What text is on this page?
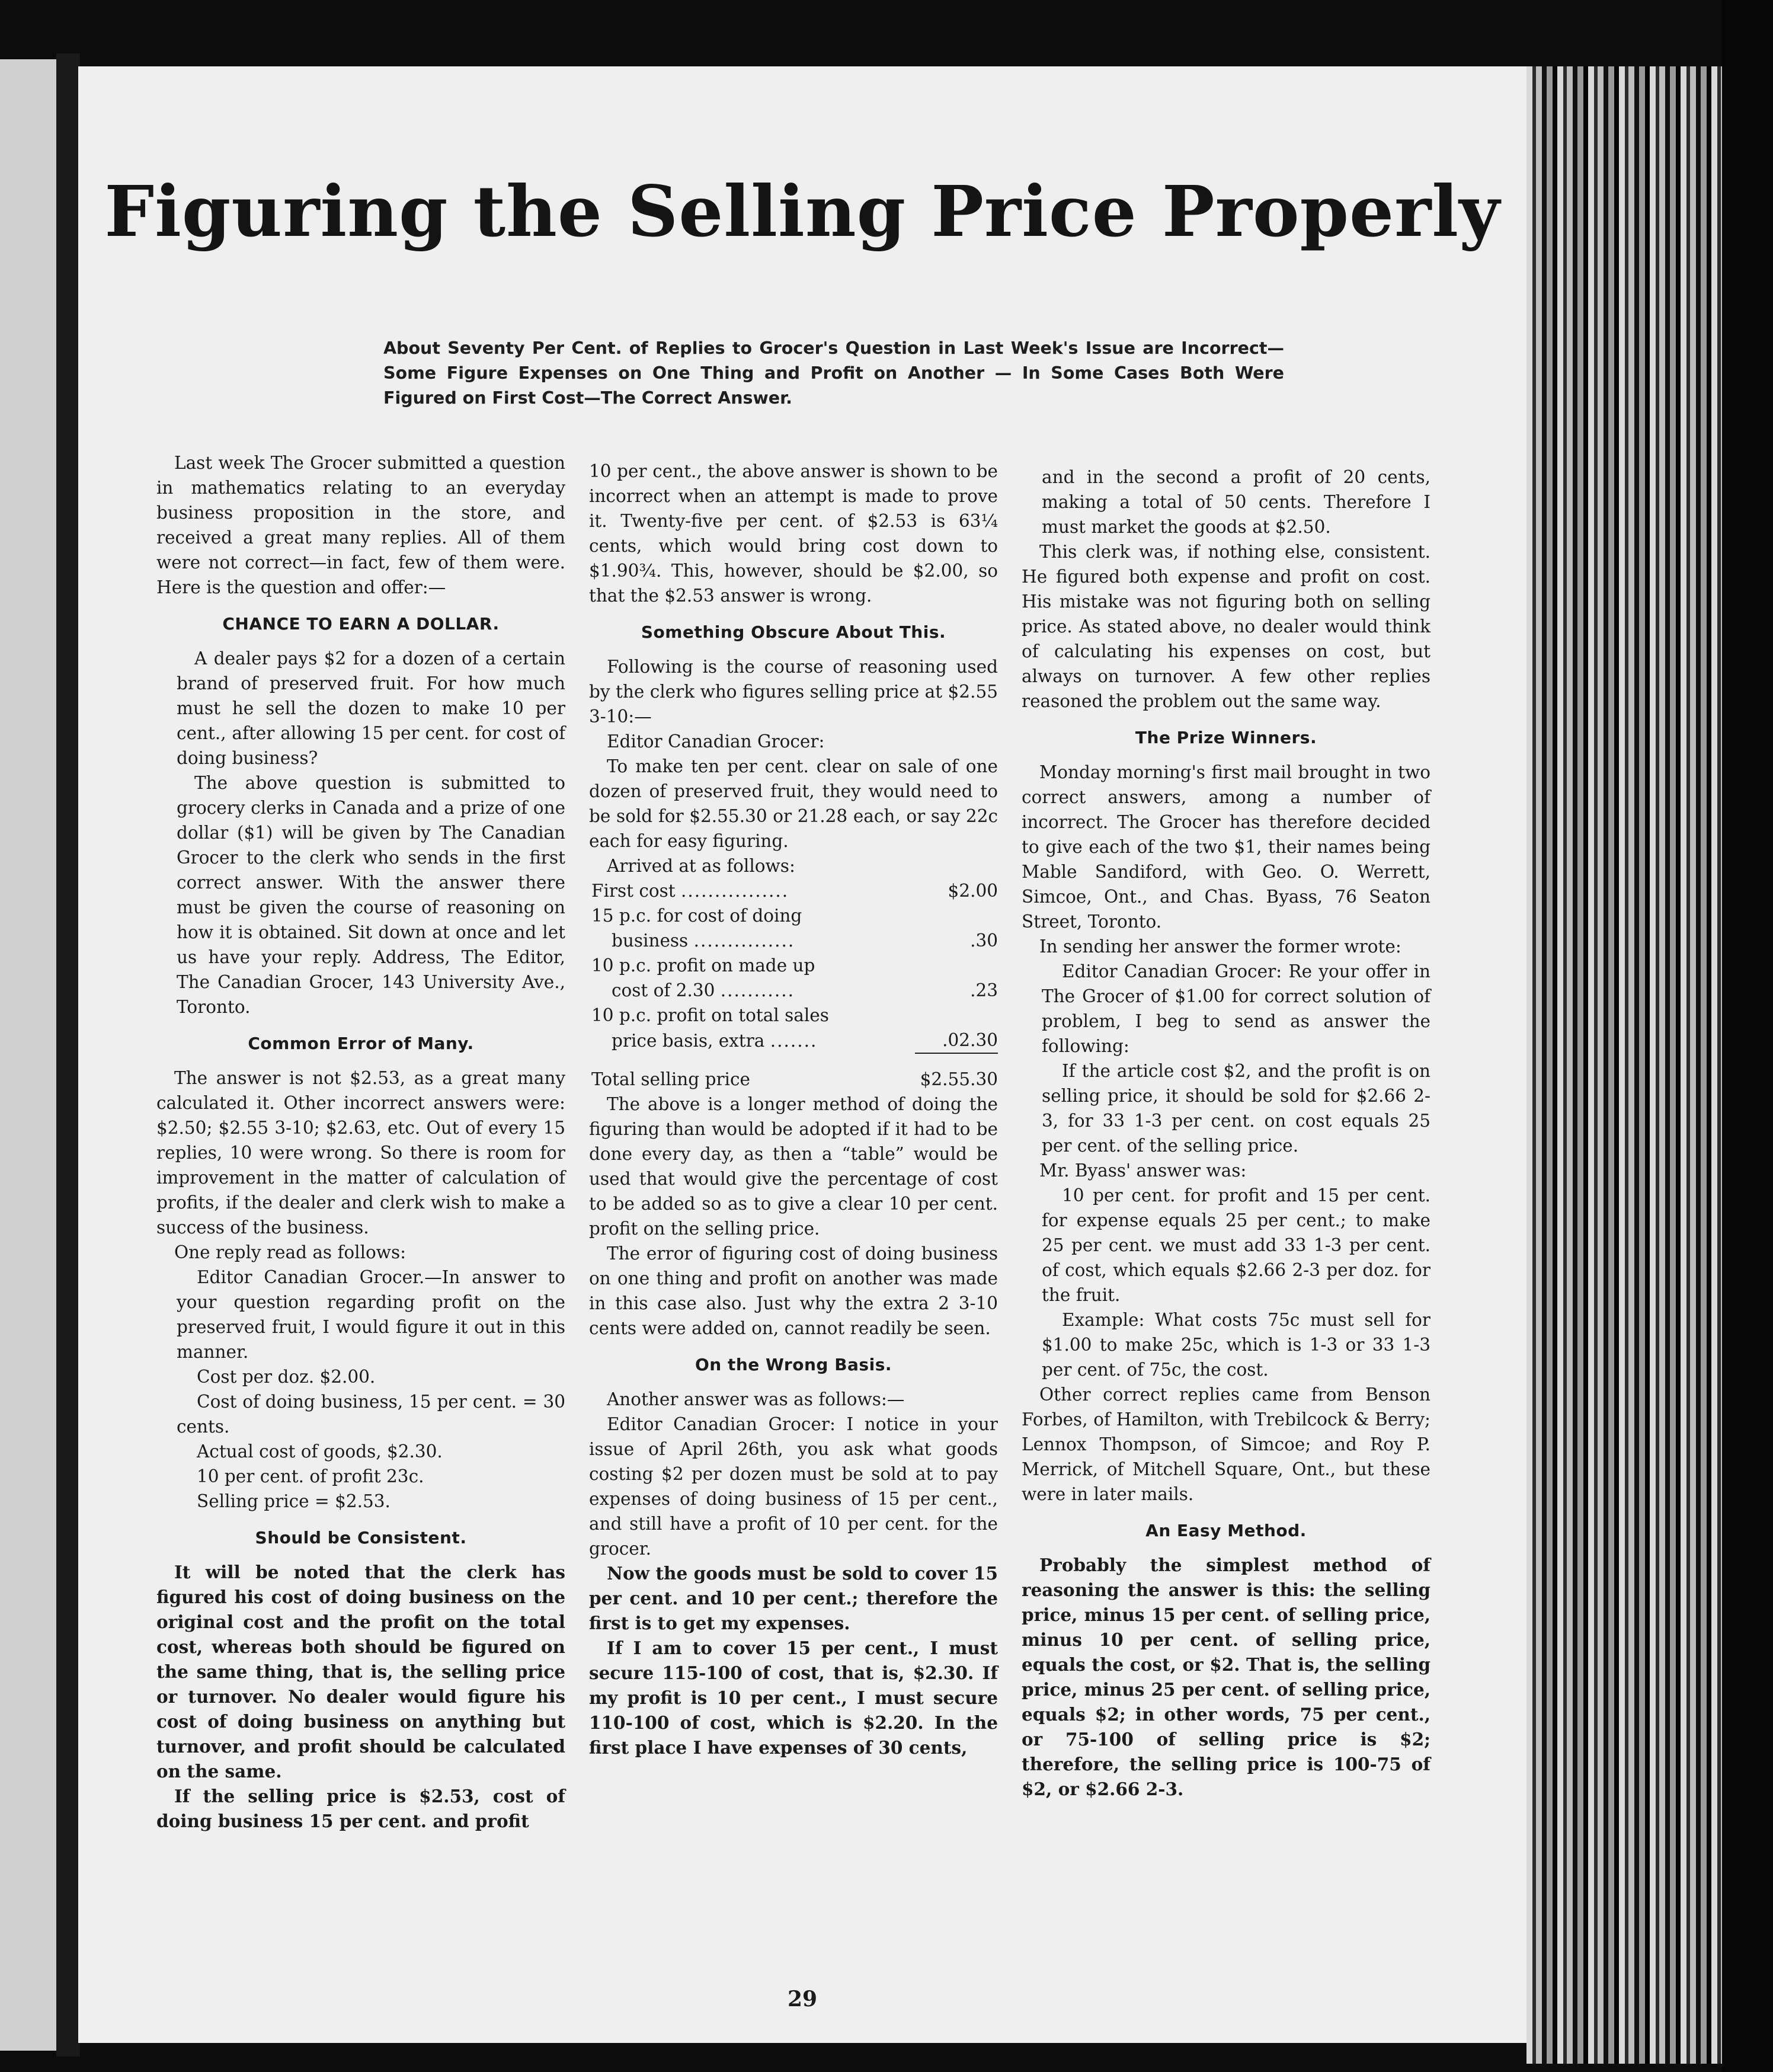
Figuring the Selling Price Properly
About Seventy Per Cent. of Replies to Grocer's Question in Last Week's Issue are Incorrect—Some Figure Expenses on One Thing and Profit on Another — In Some Cases Both Were Figured on First Cost—The Correct Answer.

Last week The Grocer submitted a question in mathematics relating to an everyday business proposition in the store, and received a great many replies. All of them were not correct—in fact, few of them were. Here is the question and offer:—

CHANCE TO EARN A DOLLAR.

A dealer pays $2 for a dozen of a certain brand of preserved fruit. For how much must he sell the dozen to make 10 per cent., after allowing 15 per cent. for cost of doing business?

The above question is submitted to grocery clerks in Canada and a prize of one dollar ($1) will be given by The Canadian Grocer to the clerk who sends in the first correct answer. With the answer there must be given the course of reasoning on how it is obtained. Sit down at once and let us have your reply. Address, The Editor, The Canadian Grocer, 143 University Ave., Toronto.

Common Error of Many.

The answer is not $2.53, as a great many calculated it. Other incorrect answers were: $2.50; $2.55 3-10; $2.63, etc. Out of every 15 replies, 10 were wrong. So there is room for improvement in the matter of calculation of profits, if the dealer and clerk wish to make a success of the business.

One reply read as follows:

Editor Canadian Grocer.—In answer to your question regarding profit on the preserved fruit, I would figure it out in this manner.

Cost per doz. $2.00.

Cost of doing business, 15 per cent. = 30 cents.

Actual cost of goods, $2.30.

10 per cent. of profit 23c.

Selling price = $2.53.

Should be Consistent.

It will be noted that the clerk has figured his cost of doing business on the original cost and the profit on the total cost, whereas both should be figured on the same thing, that is, the selling price or turnover. No dealer would figure his cost of doing business on anything but turnover, and profit should be calculated on the same.

If the selling price is $2.53, cost of doing business 15 per cent. and profit

10 per cent., the above answer is shown to be incorrect when an attempt is made to prove it. Twenty-five per cent. of $2.53 is 63¼ cents, which would bring cost down to $1.90¾. This, however, should be $2.00, so that the $2.53 answer is wrong.

Something Obscure About This.

Following is the course of reasoning used by the clerk who figures selling price at $2.55 3-10:—

Editor Canadian Grocer:

To make ten per cent. clear on sale of one dozen of preserved fruit, they would need to be sold for $2.55.30 or 21.28 each, or say 22c each for easy figuring.

Arrived at as follows:

First cost ................	$2.00
15 p.c. for cost of doing	
business ...............	.30
10 p.c. profit on made up	
cost of 2.30 ...........	.23
10 p.c. profit on total sales	
price basis, extra .......	.02.30
Total selling price	$2.55.30

The above is a longer method of doing the figuring than would be adopted if it had to be done every day, as then a “table” would be used that would give the percentage of cost to be added so as to give a clear 10 per cent. profit on the selling price.

The error of figuring cost of doing business on one thing and profit on another was made in this case also. Just why the extra 2 3-10 cents were added on, cannot readily be seen.

On the Wrong Basis.

Another answer was as follows:—

Editor Canadian Grocer: I notice in your issue of April 26th, you ask what goods costing $2 per dozen must be sold at to pay expenses of doing business of 15 per cent., and still have a profit of 10 per cent. for the grocer.

Now the goods must be sold to cover 15 per cent. and 10 per cent.; therefore the first is to get my expenses.

If I am to cover 15 per cent., I must secure 115-100 of cost, that is, $2.30. If my profit is 10 per cent., I must secure 110-100 of cost, which is $2.20. In the first place I have expenses of 30 cents,

and in the second a profit of 20 cents, making a total of 50 cents. Therefore I must market the goods at $2.50.

This clerk was, if nothing else, consistent. He figured both expense and profit on cost. His mistake was not figuring both on selling price. As stated above, no dealer would think of calculating his expenses on cost, but always on turnover. A few other replies reasoned the problem out the same way.

The Prize Winners.

Monday morning's first mail brought in two correct answers, among a number of incorrect. The Grocer has therefore decided to give each of the two $1, their names being Mable Sandiford, with Geo. O. Werrett, Simcoe, Ont., and Chas. Byass, 76 Seaton Street, Toronto.

In sending her answer the former wrote:

Editor Canadian Grocer: Re your offer in The Grocer of $1.00 for correct solution of problem, I beg to send as answer the following:

If the article cost $2, and the profit is on selling price, it should be sold for $2.66 2-3, for 33 1-3 per cent. on cost equals 25 per cent. of the selling price.

Mr. Byass' answer was:

10 per cent. for profit and 15 per cent. for expense equals 25 per cent.; to make 25 per cent. we must add 33 1-3 per cent. of cost, which equals $2.66 2-3 per doz. for the fruit.

Example: What costs 75c must sell for $1.00 to make 25c, which is 1-3 or 33 1-3 per cent. of 75c, the cost.

Other correct replies came from Benson Forbes, of Hamilton, with Trebilcock & Berry; Lennox Thompson, of Simcoe; and Roy P. Merrick, of Mitchell Square, Ont., but these were in later mails.

An Easy Method.

Probably the simplest method of reasoning the answer is this: the selling price, minus 15 per cent. of selling price, minus 10 per cent. of selling price, equals the cost, or $2. That is, the selling price, minus 25 per cent. of selling price, equals $2; in other words, 75 per cent., or 75-100 of selling price is $2; therefore, the selling price is 100-75 of $2, or $2.66 2-3.

29
